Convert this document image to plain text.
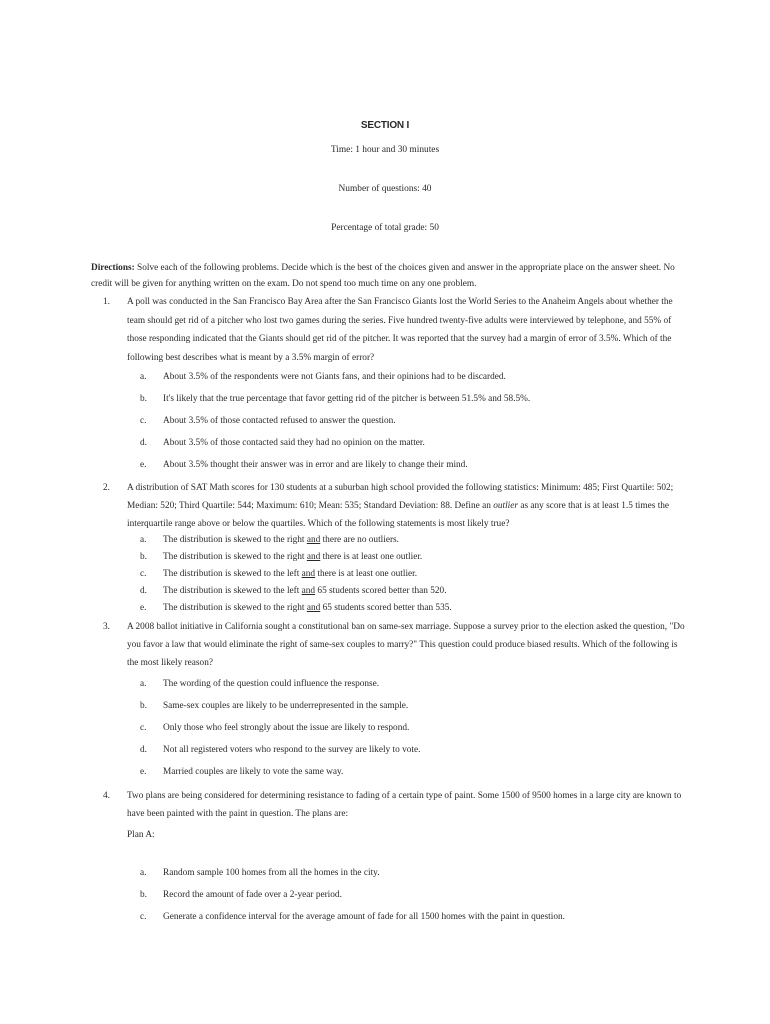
SECTION I
Time: 1 hour and 30 minutes
Number of questions: 40
Percentage of total grade: 50
Directions: Solve each of the following problems. Decide which is the best of the choices given and answer in the appropriate place on the answer sheet. No credit will be given for anything written on the exam. Do not spend too much time on any one problem.
1. A poll was conducted in the San Francisco Bay Area after the San Francisco Giants lost the World Series to the Anaheim Angels about whether the team should get rid of a pitcher who lost two games during the series. Five hundred twenty-five adults were interviewed by telephone, and 55% of those responding indicated that the Giants should get rid of the pitcher. It was reported that the survey had a margin of error of 3.5%. Which of the following best describes what is meant by a 3.5% margin of error?
a. About 3.5% of the respondents were not Giants fans, and their opinions had to be discarded.
b. It's likely that the true percentage that favor getting rid of the pitcher is between 51.5% and 58.5%.
c. About 3.5% of those contacted refused to answer the question.
d. About 3.5% of those contacted said they had no opinion on the matter.
e. About 3.5% thought their answer was in error and are likely to change their mind.
2. A distribution of SAT Math scores for 130 students at a suburban high school provided the following statistics: Minimum: 485; First Quartile: 502; Median: 520; Third Quartile: 544; Maximum: 610; Mean: 535; Standard Deviation: 88. Define an outlier as any score that is at least 1.5 times the interquartile range above or below the quartiles. Which of the following statements is most likely true?
a. The distribution is skewed to the right and there are no outliers.
b. The distribution is skewed to the right and there is at least one outlier.
c. The distribution is skewed to the left and there is at least one outlier.
d. The distribution is skewed to the left and 65 students scored better than 520.
e. The distribution is skewed to the right and 65 students scored better than 535.
3. A 2008 ballot initiative in California sought a constitutional ban on same-sex marriage. Suppose a survey prior to the election asked the question, "Do you favor a law that would eliminate the right of same-sex couples to marry?" This question could produce biased results. Which of the following is the most likely reason?
a. The wording of the question could influence the response.
b. Same-sex couples are likely to be underrepresented in the sample.
c. Only those who feel strongly about the issue are likely to respond.
d. Not all registered voters who respond to the survey are likely to vote.
e. Married couples are likely to vote the same way.
4. Two plans are being considered for determining resistance to fading of a certain type of paint. Some 1500 of 9500 homes in a large city are known to have been painted with the paint in question. The plans are:
Plan A:
a. Random sample 100 homes from all the homes in the city.
b. Record the amount of fade over a 2-year period.
c. Generate a confidence interval for the average amount of fade for all 1500 homes with the paint in question.
